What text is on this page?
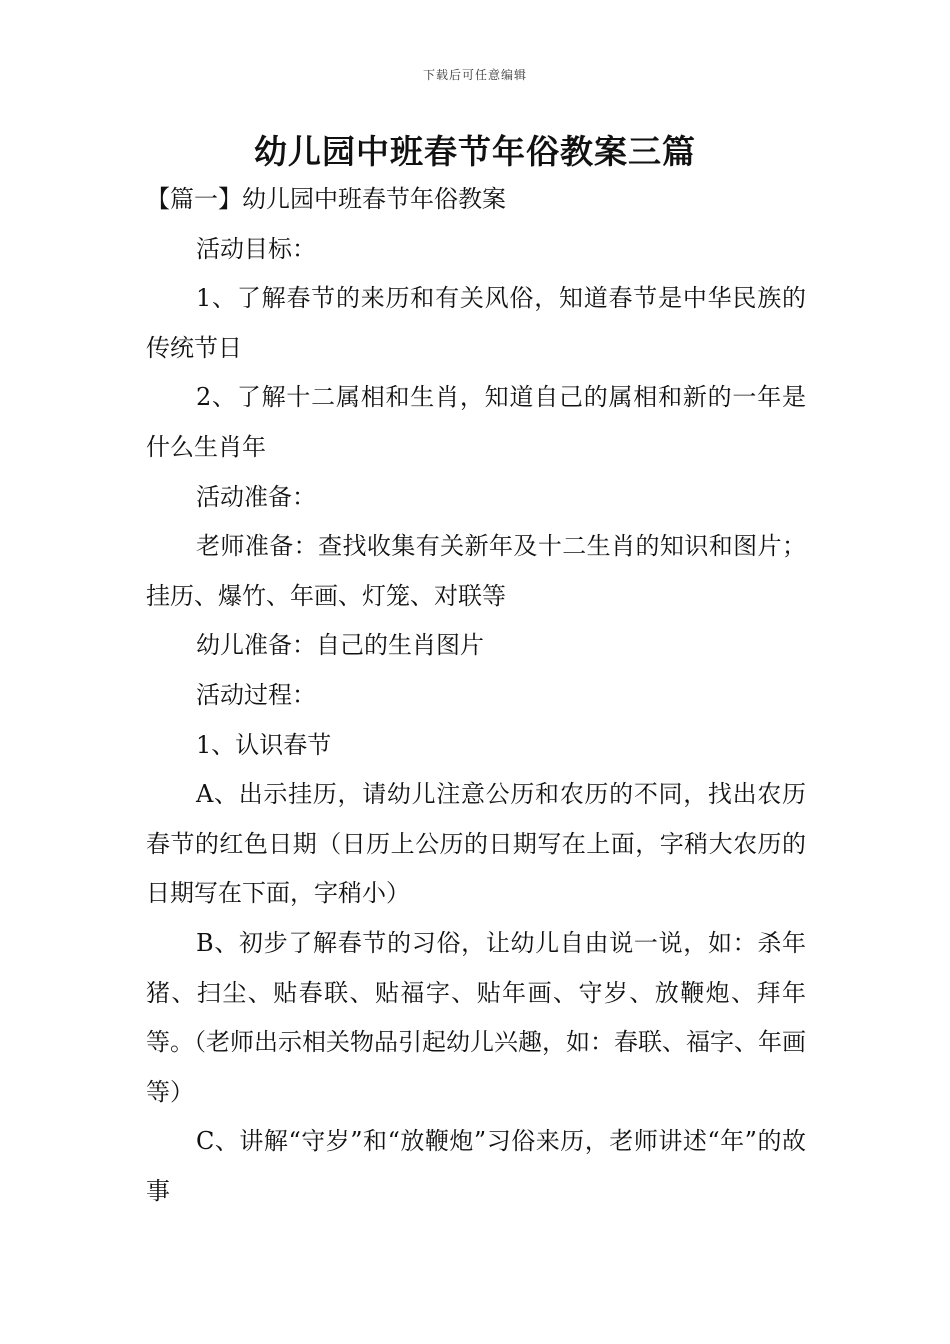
下载后可任意编辑
幼儿园中班春节年俗教案三篇

【篇一】幼儿园中班春节年俗教案

活动目标：

1、了解春节的来历和有关风俗，知道春节是中华民族的传统节日

2、了解十二属相和生肖，知道自己的属相和新的一年是什么生肖年

活动准备：

老师准备：查找收集有关新年及十二生肖的知识和图片；挂历、爆竹、年画、灯笼、对联等

幼儿准备：自己的生肖图片

活动过程：

1、认识春节

A、出示挂历，请幼儿注意公历和农历的不同，找出农历春节的红色日期（日历上公历的日期写在上面，字稍大农历的日期写在下面，字稍小）

B、初步了解春节的习俗，让幼儿自由说一说，如：杀年猪、扫尘、贴春联、贴福字、贴年画、守岁、放鞭炮、拜年等。（老师出示相关物品引起幼儿兴趣，如：春联、福字、年画等）

C、讲解“守岁”和“放鞭炮”习俗来历，老师讲述“年”的故事
